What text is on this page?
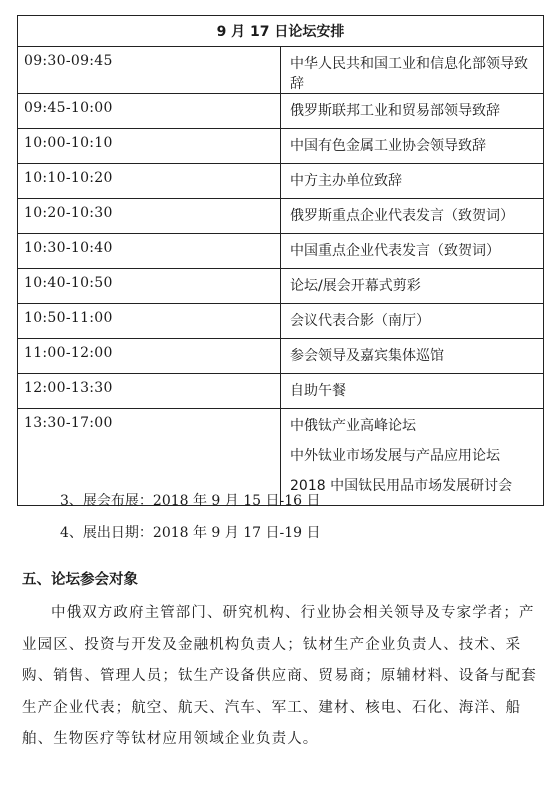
9 月 17 日论坛安排	
09:30-09:45	中华人民共和国工业和信息化部领导致辞
09:45-10:00	俄罗斯联邦工业和贸易部领导致辞
10:00-10:10	中国有色金属工业协会领导致辞
10:10-10:20	中方主办单位致辞
10:20-10:30	俄罗斯重点企业代表发言（致贺词）
10:30-10:40	中国重点企业代表发言（致贺词）
10:40-10:50	论坛/展会开幕式剪彩
10:50-11:00	会议代表合影（南厅）
11:00-12:00	参会领导及嘉宾集体巡馆
12:00-13:30	自助午餐
13:30-17:00	中俄钛产业高峰论坛
中外钛业市场发展与产品应用论坛
2018 中国钛民用品市场发展研讨会
3、展会布展：2018 年 9 月 15 日-16 日
4、展出日期：2018 年 9 月 17 日-19 日
五、论坛参会对象
中俄双方政府主管部门、研究机构、行业协会相关领导及专家学者；产业园区、投资与开发及金融机构负责人；钛材生产企业负责人、技术、采购、销售、管理人员；钛生产设备供应商、贸易商；原辅材料、设备与配套生产企业代表；航空、航天、汽车、军工、建材、核电、石化、海洋、船舶、生物医疗等钛材应用领域企业负责人。
